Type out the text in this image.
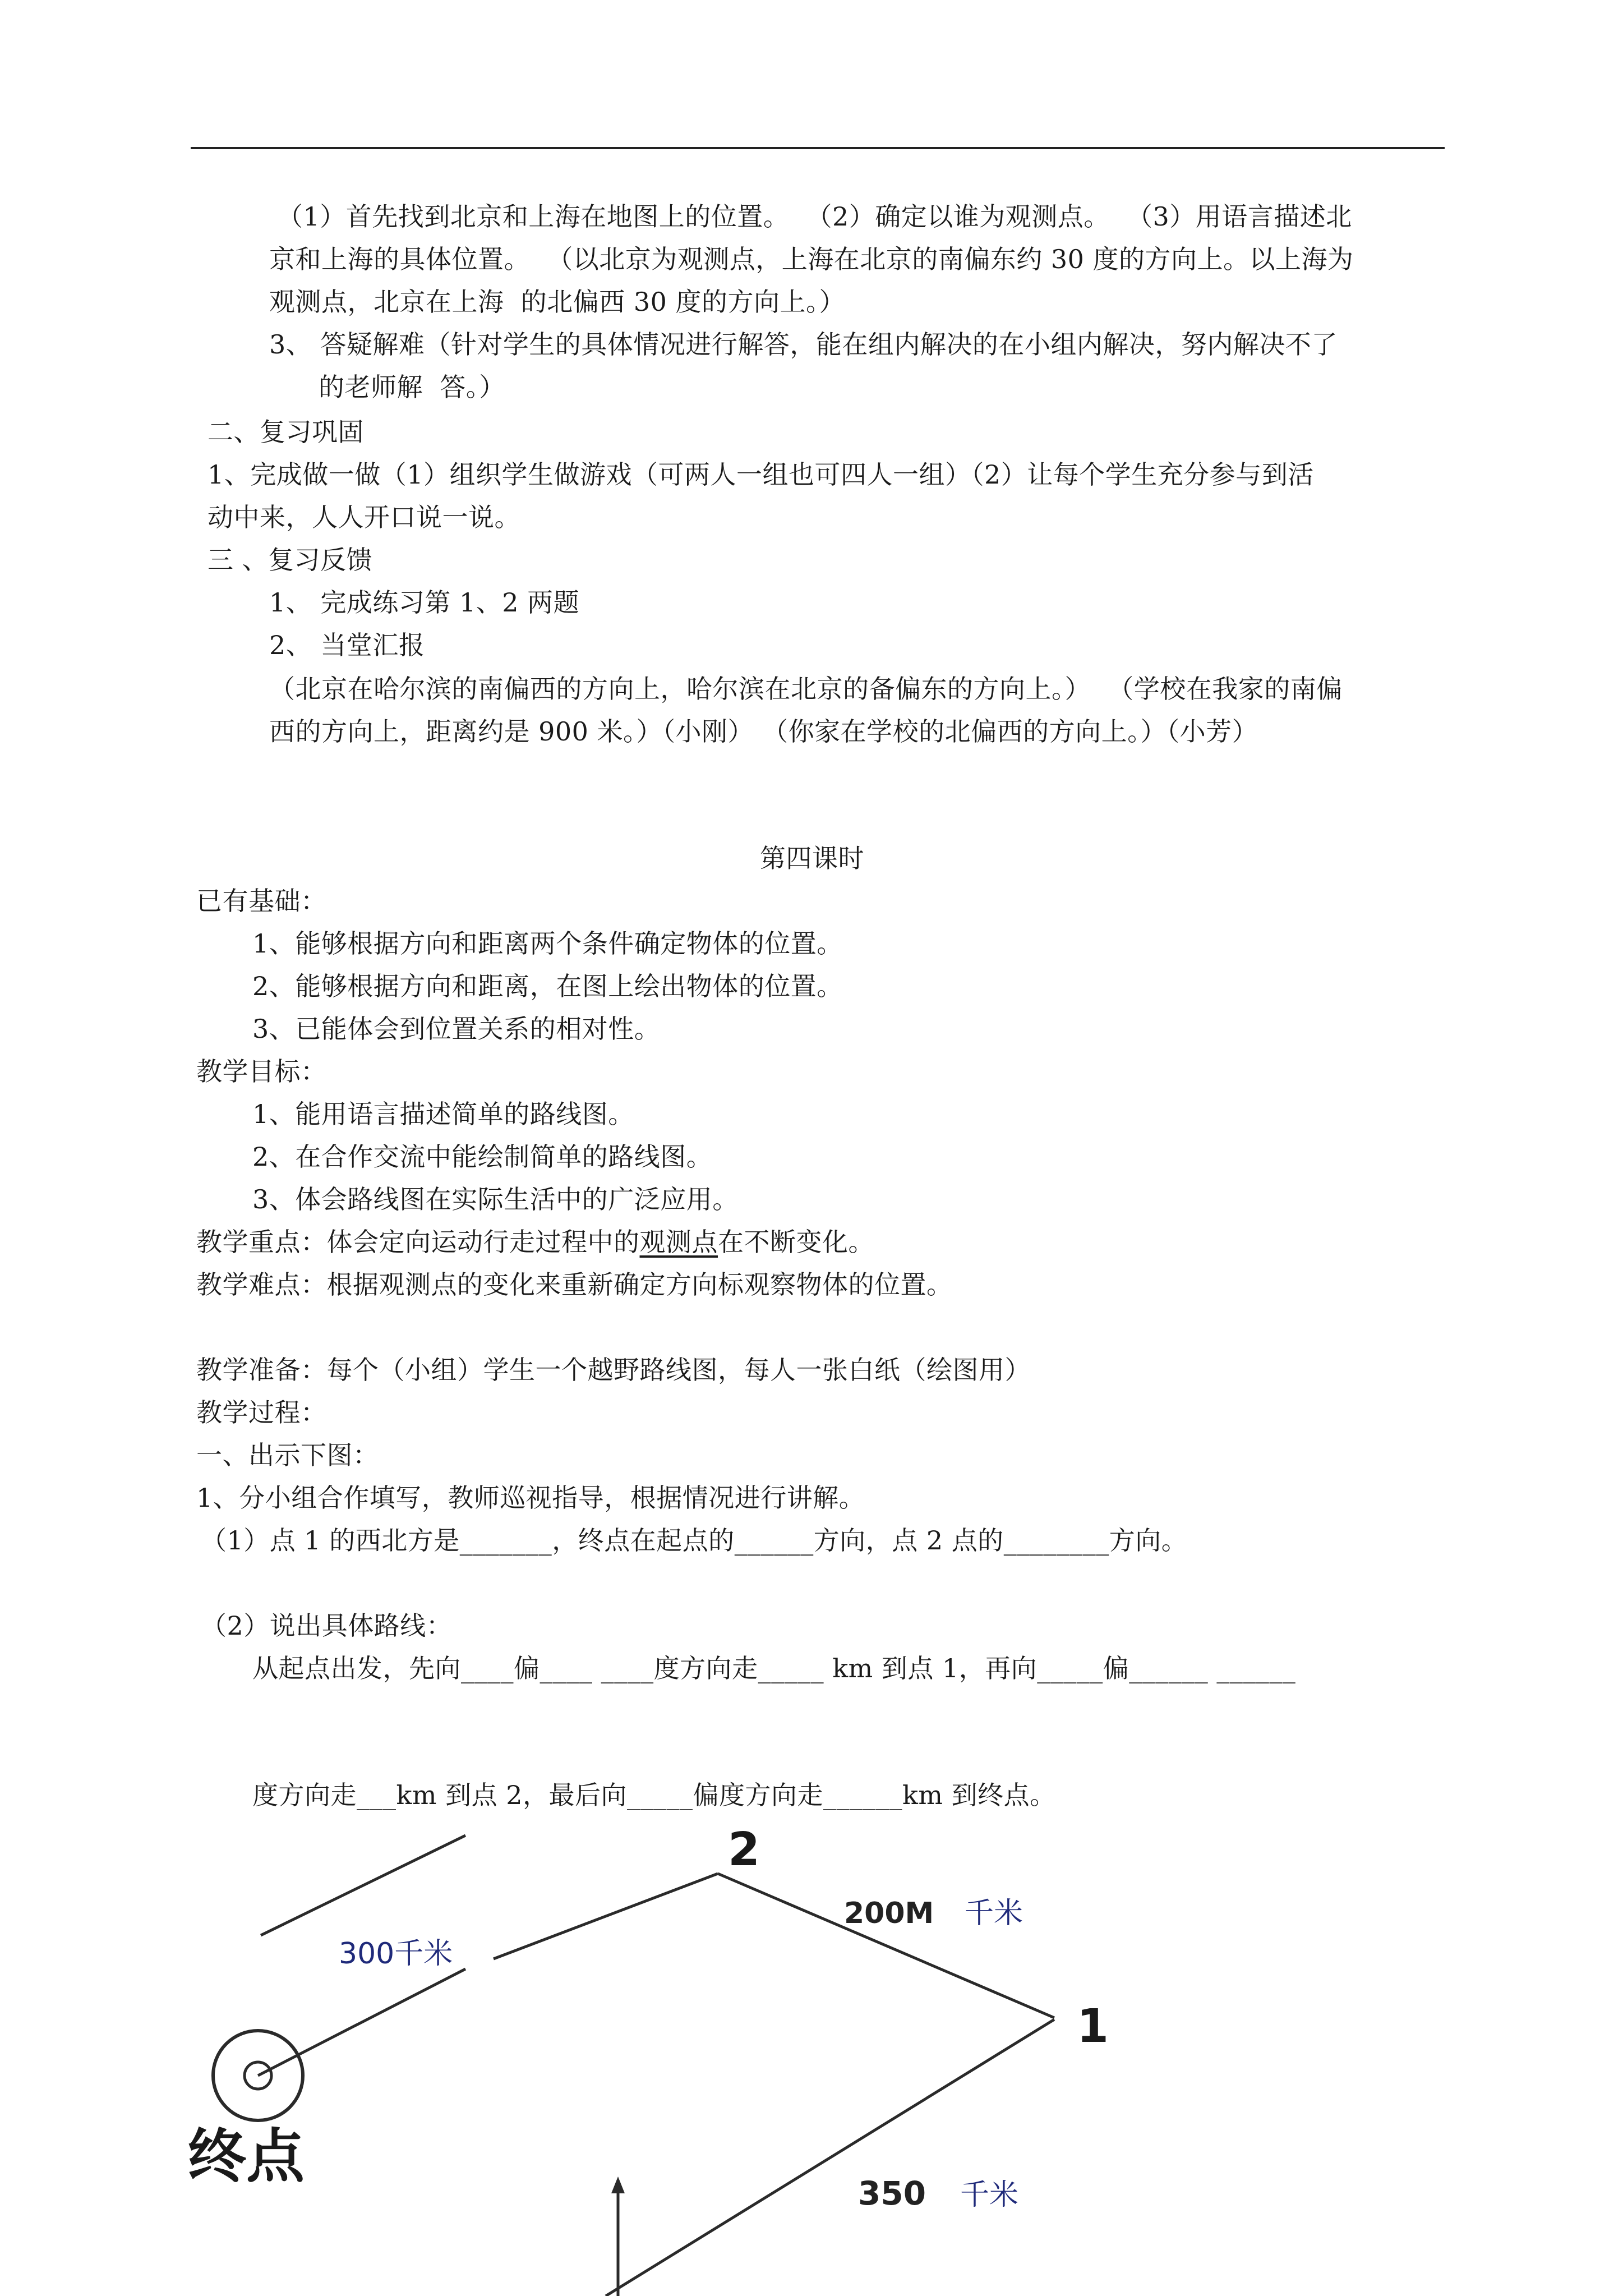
（1）首先找到北京和上海在地图上的位置。  （2）确定以谁为观测点。  （3）用语言描述北
京和上海的具体位置。  （以北京为观测点，上海在北京的南偏东约 30 度的方向上。以上海为
观测点，北京在上海  的北偏西 30 度的方向上。）
3、 答疑解难（针对学生的具体情况进行解答，能在组内解决的在小组内解决，努内解决不了
的老师解  答。）
二、复习巩固
1、完成做一做（1）组织学生做游戏（可两人一组也可四人一组）（2）让每个学生充分参与到活
动中来，人人开口说一说。
三 、复习反馈
1、 完成练习第 1、2 两题
2、 当堂汇报
（北京在哈尔滨的南偏西的方向上，哈尔滨在北京的备偏东的方向上。）  （学校在我家的南偏
西的方向上，距离约是 900 米。）（小刚） （你家在学校的北偏西的方向上。）（小芳）
第四课时
已有基础：
1、能够根据方向和距离两个条件确定物体的位置。
2、能够根据方向和距离，在图上绘出物体的位置。
3、已能体会到位置关系的相对性。
教学目标：
1、能用语言描述简单的路线图。
2、在合作交流中能绘制简单的路线图。
3、体会路线图在实际生活中的广泛应用。
教学重点：体会定向运动行走过程中的观测点在不断变化。
教学难点：根据观测点的变化来重新确定方向标观察物体的位置。
教学准备：每个（小组）学生一个越野路线图，每人一张白纸（绘图用）
教学过程：
一、出示下图：
1、分小组合作填写，教师巡视指导，根据情况进行讲解。
（1）点 1 的西北方是_______，终点在起点的______方向，点 2 点的________方向。
（2）说出具体路线：
从起点出发，先向____偏____ ____度方向走_____ km 到点 1，再向_____偏______ ______
度方向走___km 到点 2，最后向_____偏度方向走______km 到终点。
2
1
终点
300千米
200M 千米
350 千米
